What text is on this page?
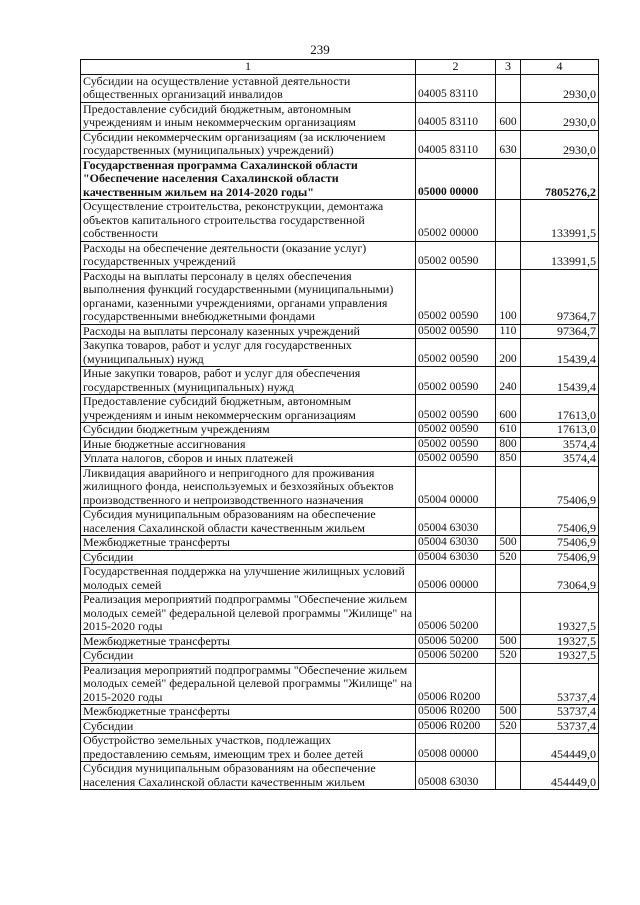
239
1	2	3	4
Субсидии на осуществление уставной деятельности общественных организаций инвалидов	04005 83110		2930,0
Предоставление субсидий бюджетным, автономным учреждениям и иным некоммерческим организациям	04005 83110	600	2930,0
Субсидии некоммерческим организациям (за исключением государственных (муниципальных) учреждений)	04005 83110	630	2930,0
Государственная программа Сахалинской области "Обеспечение населения Сахалинской области качественным жильем на 2014-2020 годы"	05000 00000		7805276,2
Осуществление строительства, реконструкции, демонтажа объектов капитального строительства государственной собственности	05002 00000		133991,5
Расходы на обеспечение деятельности (оказание услуг) государственных учреждений	05002 00590		133991,5
Расходы на выплаты персоналу в целях обеспечения выполнения функций государственными (муниципальными) органами, казенными учреждениями, органами управления государственными внебюджетными фондами	05002 00590	100	97364,7
Расходы на выплаты персоналу казенных учреждений	05002 00590	110	97364,7
Закупка товаров, работ и услуг для государственных (муниципальных) нужд	05002 00590	200	15439,4
Иные закупки товаров, работ и услуг для обеспечения государственных (муниципальных) нужд	05002 00590	240	15439,4
Предоставление субсидий бюджетным, автономным учреждениям и иным некоммерческим организациям	05002 00590	600	17613,0
Субсидии бюджетным учреждениям	05002 00590	610	17613,0
Иные бюджетные ассигнования	05002 00590	800	3574,4
Уплата налогов, сборов и иных платежей	05002 00590	850	3574,4
Ликвидация аварийного и непригодного для проживания жилищного фонда, неиспользуемых и безхозяйных объектов производственного и непроизводственного назначения	05004 00000		75406,9
Субсидия муниципальным образованиям на обеспечение населения Сахалинской области качественным жильем	05004 63030		75406,9
Межбюджетные трансферты	05004 63030	500	75406,9
Субсидии	05004 63030	520	75406,9
Государственная поддержка на улучшение жилищных условий молодых семей	05006 00000		73064,9
Реализация мероприятий подпрограммы "Обеспечение жильем молодых семей" федеральной целевой программы "Жилище" на 2015-2020 годы	05006 50200		19327,5
Межбюджетные трансферты	05006 50200	500	19327,5
Субсидии	05006 50200	520	19327,5
Реализация мероприятий подпрограммы "Обеспечение жильем молодых семей" федеральной целевой программы "Жилище" на 2015-2020 годы	05006 R0200		53737,4
Межбюджетные трансферты	05006 R0200	500	53737,4
Субсидии	05006 R0200	520	53737,4
Обустройство земельных участков, подлежащих предоставлению семьям, имеющим трех и более детей	05008 00000		454449,0
Субсидия муниципальным образованиям на обеспечение населения Сахалинской области качественным жильем	05008 63030		454449,0
